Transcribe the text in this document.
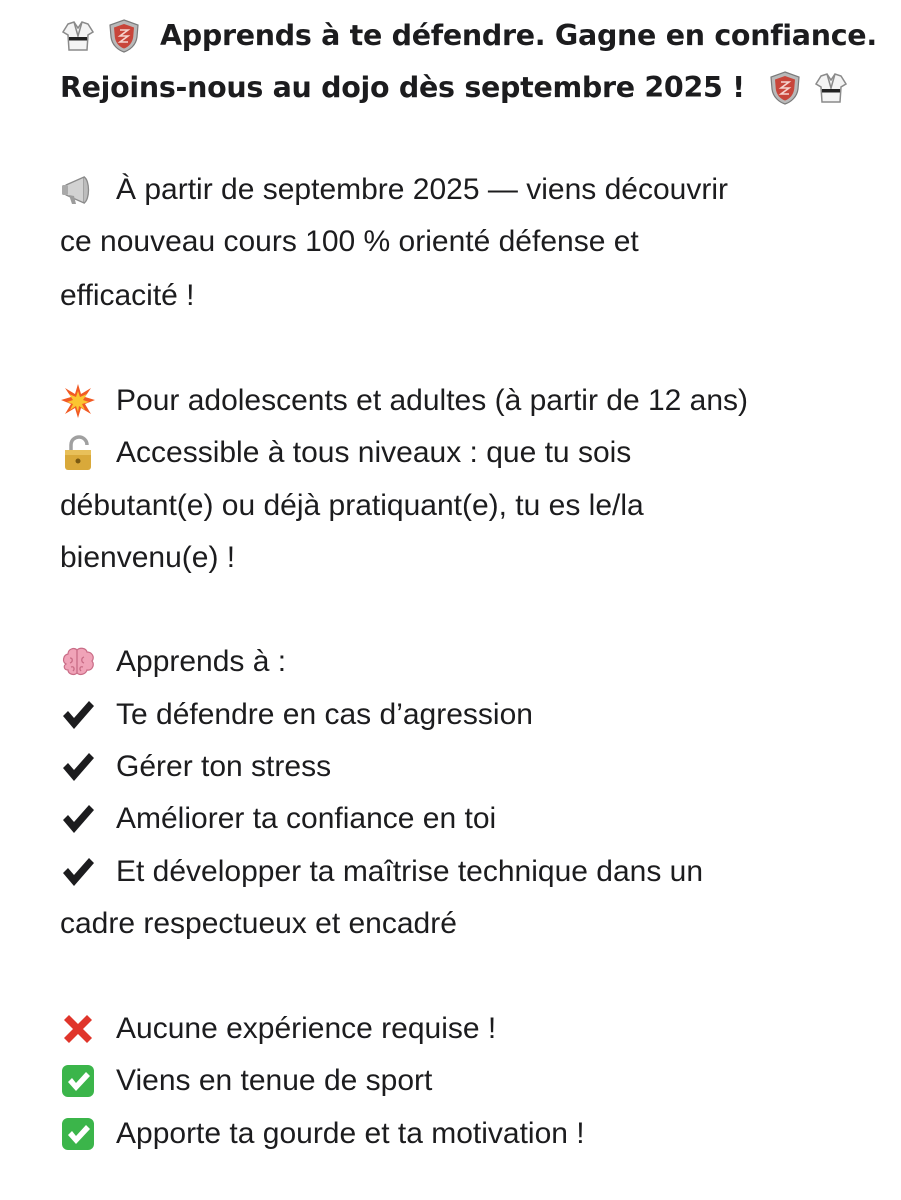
Apprends à te défendre. Gagne en confiance.
Rejoins-nous au dojo dès septembre 2025 !
À partir de septembre 2025 — viens découvrir
ce nouveau cours 100 % orienté défense et
efficacité !
Pour adolescents et adultes (à partir de 12 ans)
Accessible à tous niveaux : que tu sois
débutant(e) ou déjà pratiquant(e), tu es le/la
bienvenu(e) !
Apprends à :
Te défendre en cas d’agression
Gérer ton stress
Améliorer ta confiance en toi
Et développer ta maîtrise technique dans un
cadre respectueux et encadré
Aucune expérience requise !
Viens en tenue de sport
Apporte ta gourde et ta motivation !
